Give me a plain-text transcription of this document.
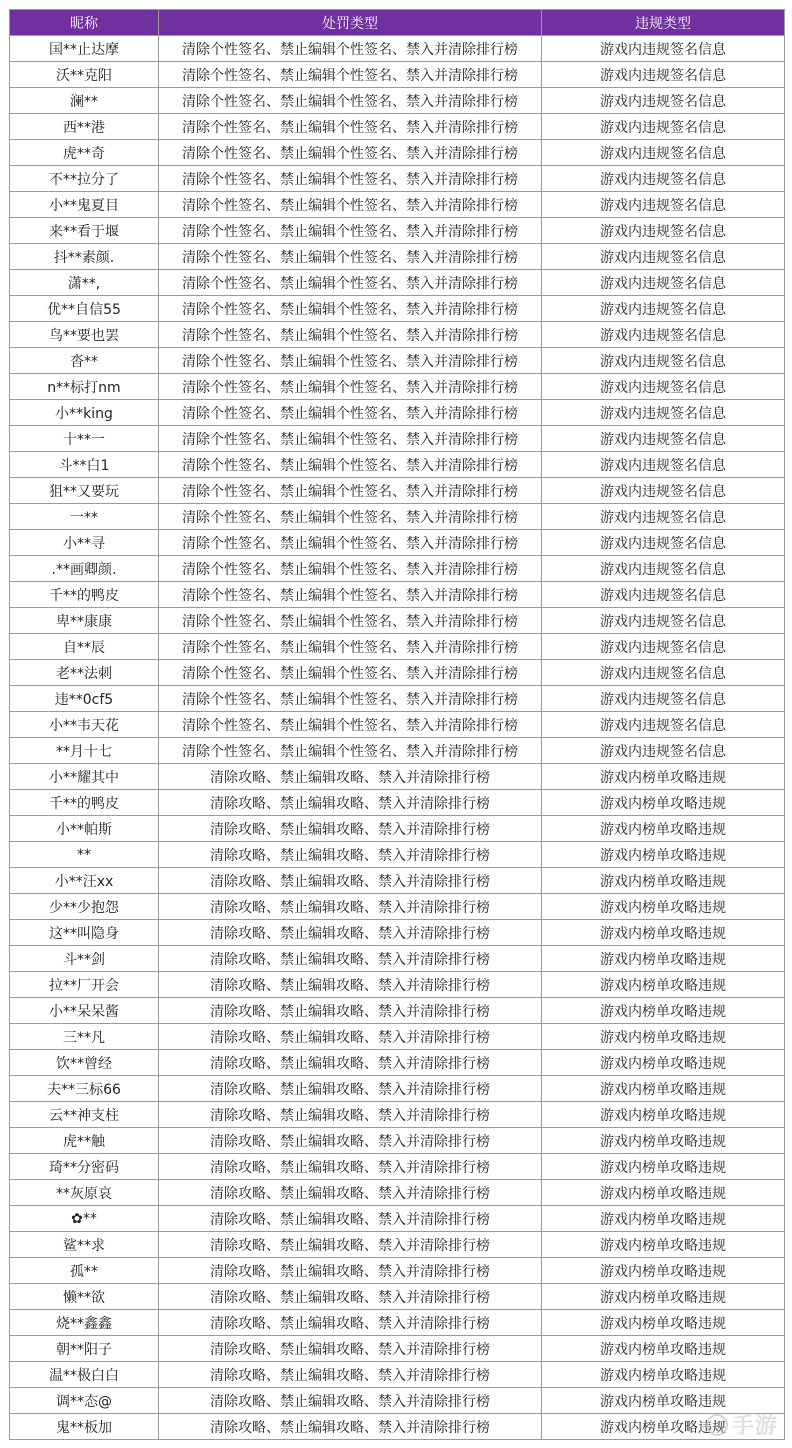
昵称	处罚类型	违规类型
国**止达摩	清除个性签名、禁止编辑个性签名、禁入并清除排行榜	游戏内违规签名信息
沃**克阳	清除个性签名、禁止编辑个性签名、禁入并清除排行榜	游戏内违规签名信息
澜**	清除个性签名、禁止编辑个性签名、禁入并清除排行榜	游戏内违规签名信息
西**港	清除个性签名、禁止编辑个性签名、禁入并清除排行榜	游戏内违规签名信息
虎**奇	清除个性签名、禁止编辑个性签名、禁入并清除排行榜	游戏内违规签名信息
不**拉分了	清除个性签名、禁止编辑个性签名、禁入并清除排行榜	游戏内违规签名信息
小**鬼夏目	清除个性签名、禁止编辑个性签名、禁入并清除排行榜	游戏内违规签名信息
来**看于堰	清除个性签名、禁止编辑个性签名、禁入并清除排行榜	游戏内违规签名信息
抖**素颜.	清除个性签名、禁止编辑个性签名、禁入并清除排行榜	游戏内违规签名信息
潇**,	清除个性签名、禁止编辑个性签名、禁入并清除排行榜	游戏内违规签名信息
优**自信55	清除个性签名、禁止编辑个性签名、禁入并清除排行榜	游戏内违规签名信息
鸟**要也罢	清除个性签名、禁止编辑个性签名、禁入并清除排行榜	游戏内违规签名信息
沓**	清除个性签名、禁止编辑个性签名、禁入并清除排行榜	游戏内违规签名信息
n**标打nm	清除个性签名、禁止编辑个性签名、禁入并清除排行榜	游戏内违规签名信息
小**king	清除个性签名、禁止编辑个性签名、禁入并清除排行榜	游戏内违规签名信息
十**一	清除个性签名、禁止编辑个性签名、禁入并清除排行榜	游戏内违规签名信息
斗**白1	清除个性签名、禁止编辑个性签名、禁入并清除排行榜	游戏内违规签名信息
狙**又要玩	清除个性签名、禁止编辑个性签名、禁入并清除排行榜	游戏内违规签名信息
一**	清除个性签名、禁止编辑个性签名、禁入并清除排行榜	游戏内违规签名信息
小**寻	清除个性签名、禁止编辑个性签名、禁入并清除排行榜	游戏内违规签名信息
.**画卿颜.	清除个性签名、禁止编辑个性签名、禁入并清除排行榜	游戏内违规签名信息
千**的鸭皮	清除个性签名、禁止编辑个性签名、禁入并清除排行榜	游戏内违规签名信息
卑**康康	清除个性签名、禁止编辑个性签名、禁入并清除排行榜	游戏内违规签名信息
自**辰	清除个性签名、禁止编辑个性签名、禁入并清除排行榜	游戏内违规签名信息
老**法刺	清除个性签名、禁止编辑个性签名、禁入并清除排行榜	游戏内违规签名信息
违**0cf5	清除个性签名、禁止编辑个性签名、禁入并清除排行榜	游戏内违规签名信息
小**韦天花	清除个性签名、禁止编辑个性签名、禁入并清除排行榜	游戏内违规签名信息
**月十七	清除个性签名、禁止编辑个性签名、禁入并清除排行榜	游戏内违规签名信息
小**耀其中	清除攻略、禁止编辑攻略、禁入并清除排行榜	游戏内榜单攻略违规
千**的鸭皮	清除攻略、禁止编辑攻略、禁入并清除排行榜	游戏内榜单攻略违规
小**帕斯	清除攻略、禁止编辑攻略、禁入并清除排行榜	游戏内榜单攻略违规
**	清除攻略、禁止编辑攻略、禁入并清除排行榜	游戏内榜单攻略违规
小**汪xx	清除攻略、禁止编辑攻略、禁入并清除排行榜	游戏内榜单攻略违规
少**少抱怨	清除攻略、禁止编辑攻略、禁入并清除排行榜	游戏内榜单攻略违规
这**叫隐身	清除攻略、禁止编辑攻略、禁入并清除排行榜	游戏内榜单攻略违规
斗**剑	清除攻略、禁止编辑攻略、禁入并清除排行榜	游戏内榜单攻略违规
拉**厂开会	清除攻略、禁止编辑攻略、禁入并清除排行榜	游戏内榜单攻略违规
小**呆呆酱	清除攻略、禁止编辑攻略、禁入并清除排行榜	游戏内榜单攻略违规
三**凡	清除攻略、禁止编辑攻略、禁入并清除排行榜	游戏内榜单攻略违规
饮**曾经	清除攻略、禁止编辑攻略、禁入并清除排行榜	游戏内榜单攻略违规
夫**三标66	清除攻略、禁止编辑攻略、禁入并清除排行榜	游戏内榜单攻略违规
云**神支柱	清除攻略、禁止编辑攻略、禁入并清除排行榜	游戏内榜单攻略违规
虎**触	清除攻略、禁止编辑攻略、禁入并清除排行榜	游戏内榜单攻略违规
琦**分密码	清除攻略、禁止编辑攻略、禁入并清除排行榜	游戏内榜单攻略违规
**灰原哀	清除攻略、禁止编辑攻略、禁入并清除排行榜	游戏内榜单攻略违规
✿**	清除攻略、禁止编辑攻略、禁入并清除排行榜	游戏内榜单攻略违规
鲨**求	清除攻略、禁止编辑攻略、禁入并清除排行榜	游戏内榜单攻略违规
孤**	清除攻略、禁止编辑攻略、禁入并清除排行榜	游戏内榜单攻略违规
懒**欲	清除攻略、禁止编辑攻略、禁入并清除排行榜	游戏内榜单攻略违规
烧**鑫鑫	清除攻略、禁止编辑攻略、禁入并清除排行榜	游戏内榜单攻略违规
朝**阳子	清除攻略、禁止编辑攻略、禁入并清除排行榜	游戏内榜单攻略违规
温**极白白	清除攻略、禁止编辑攻略、禁入并清除排行榜	游戏内榜单攻略违规
调**态@	清除攻略、禁止编辑攻略、禁入并清除排行榜	游戏内榜单攻略违规
鬼**板加	清除攻略、禁止编辑攻略、禁入并清除排行榜	游戏内榜单攻略违规 手游
